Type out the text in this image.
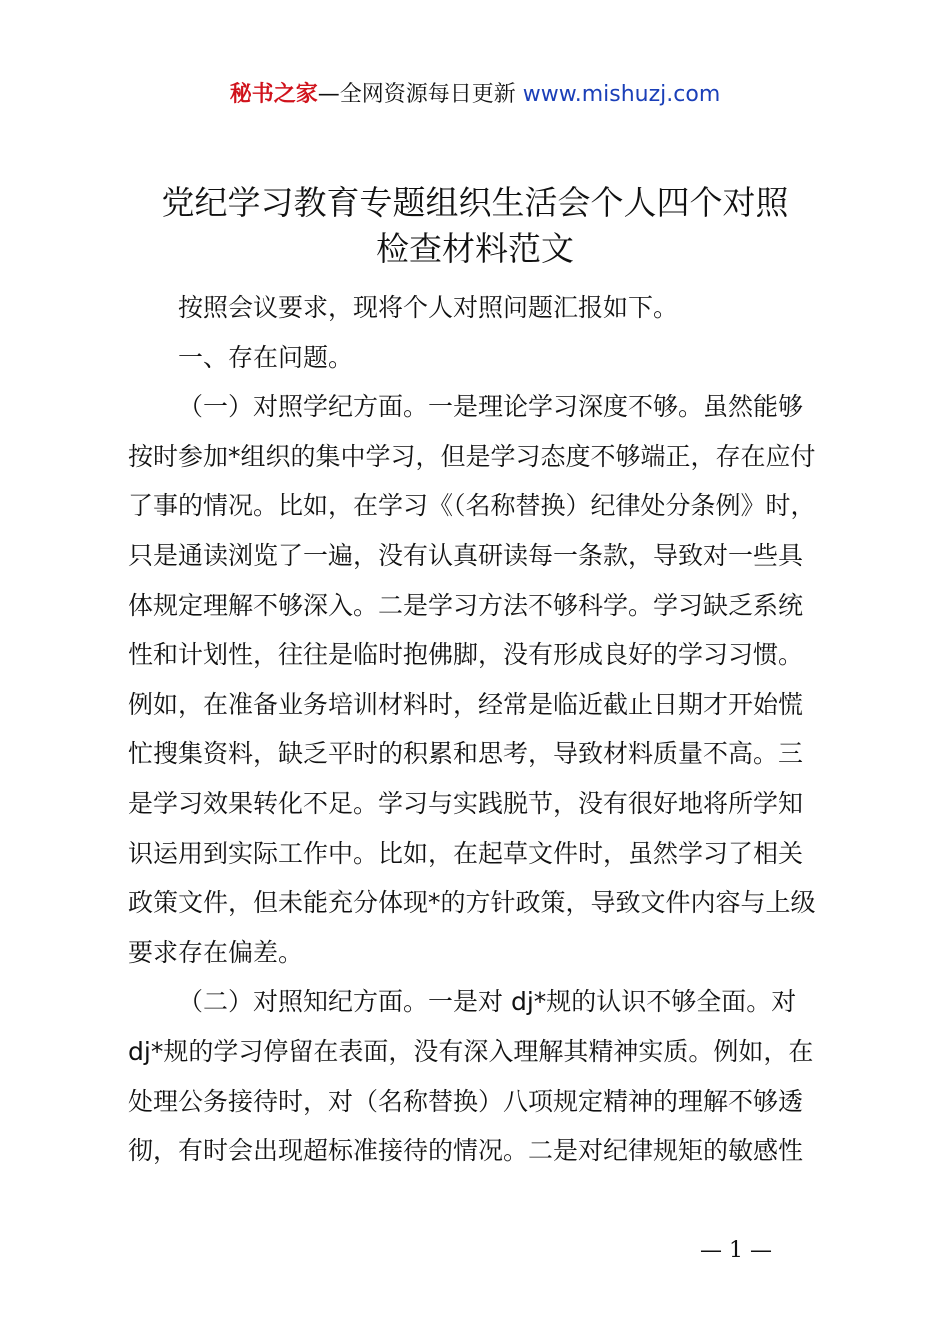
秘书之家—全网资源每日更新 www.mishuzj.com
党纪学习教育专题组织生活会个人四个对照
检查材料范文
按照会议要求，现将个人对照问题汇报如下。
一、存在问题。
（一）对照学纪方面。一是理论学习深度不够。虽然能够
按时参加*组织的集中学习，但是学习态度不够端正，存在应付
了事的情况。比如，在学习《（名称替换）纪律处分条例》时，
只是通读浏览了一遍，没有认真研读每一条款，导致对一些具
体规定理解不够深入。二是学习方法不够科学。学习缺乏系统
性和计划性，往往是临时抱佛脚，没有形成良好的学习习惯。
例如，在准备业务培训材料时，经常是临近截止日期才开始慌
忙搜集资料，缺乏平时的积累和思考，导致材料质量不高。三
是学习效果转化不足。学习与实践脱节，没有很好地将所学知
识运用到实际工作中。比如，在起草文件时，虽然学习了相关
政策文件，但未能充分体现*的方针政策，导致文件内容与上级
要求存在偏差。
（二）对照知纪方面。一是对 dj*规的认识不够全面。对
dj*规的学习停留在表面，没有深入理解其精神实质。例如，在
处理公务接待时，对（名称替换）八项规定精神的理解不够透
彻，有时会出现超标准接待的情况。二是对纪律规矩的敏感性
— 1 —
